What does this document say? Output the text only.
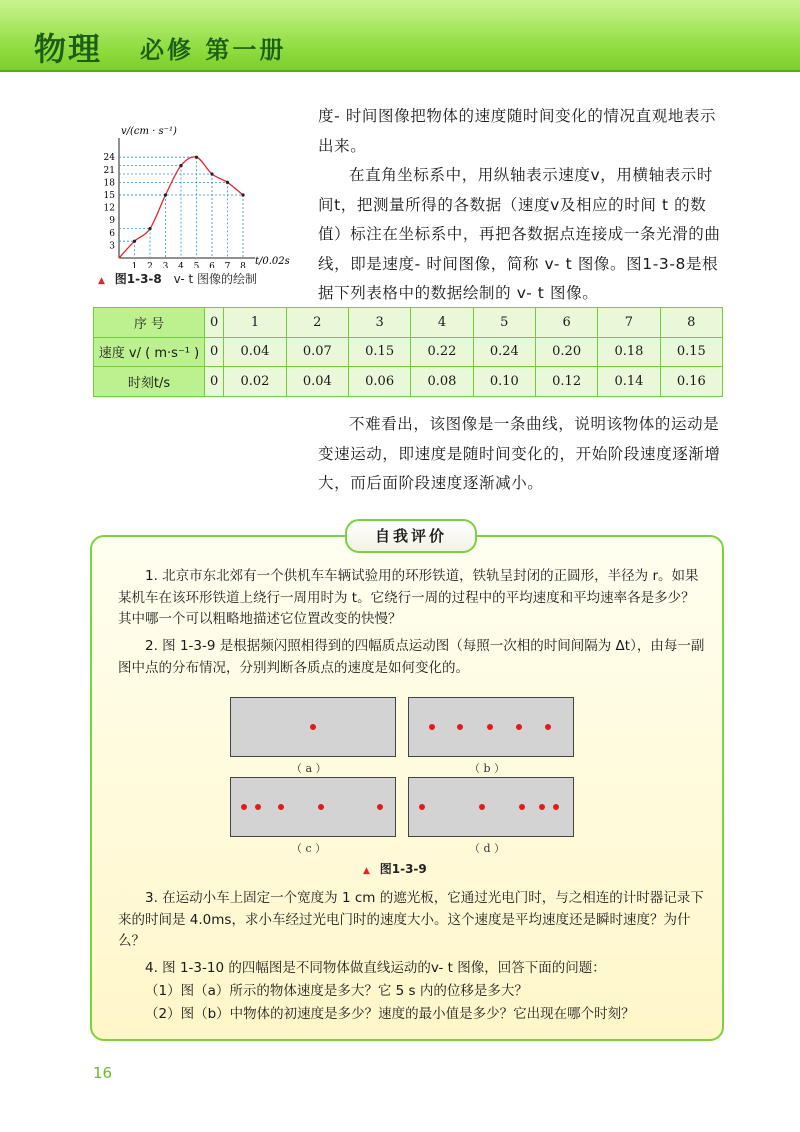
物理 必修 第一册
v/(cm · s⁻¹)
3
6
9
12
15
18
21
24
1 2 3 4 5 6 7 8 t/0.02s
▲ 图1-3-8 v- t 图像的绘制

度- 时间图像把物体的速度随时间变化的情况直观地表示出来。

在直角坐标系中，用纵轴表示速度v，用横轴表示时间t，把测量所得的各数据（速度v及相应的时间 t 的数值）标注在坐标系中，再把各数据点连接成一条光滑的曲线，即是速度- 时间图像，简称 v- t 图像。图1-3-8是根据下列表格中的数据绘制的 v- t 图像。

序 号	0	1	2	3	4	5	6	7	8
速度 v/ ( m·s⁻¹ )	0	0.04	0.07	0.15	0.22	0.24	0.20	0.18	0.15
时刻t/s	0	0.02	0.04	0.06	0.08	0.10	0.12	0.14	0.16

不难看出，该图像是一条曲线，说明该物体的运动是变速运动，即速度是随时间变化的，开始阶段速度逐渐增大，而后面阶段速度逐渐减小。

自我评价

1. 北京市东北郊有一个供机车车辆试验用的环形铁道，铁轨呈封闭的正圆形，半径为 r。如果某机车在该环形铁道上绕行一周用时为 t。它绕行一周的过程中的平均速度和平均速率各是多少？其中哪一个可以粗略地描述它位置改变的快慢？

2. 图 1-3-9 是根据频闪照相得到的四幅质点运动图（每照一次相的时间间隔为 Δt），由每一副图中点的分布情况，分别判断各质点的速度是如何变化的。

（ a ）	（ b ）
（ c ）	（ d ）
▲ 图1-3-9

3. 在运动小车上固定一个宽度为 1 cm 的遮光板，它通过光电门时，与之相连的计时器记录下来的时间是 4.0ms，求小车经过光电门时的速度大小。这个速度是平均速度还是瞬时速度？为什么？

4. 图 1-3-10 的四幅图是不同物体做直线运动的v- t 图像，回答下面的问题：

（1）图（a）所示的物体速度是多大？它 5 s 内的位移是多大？

（2）图（b）中物体的初速度是多少？速度的最小值是多少？它出现在哪个时刻？

16
